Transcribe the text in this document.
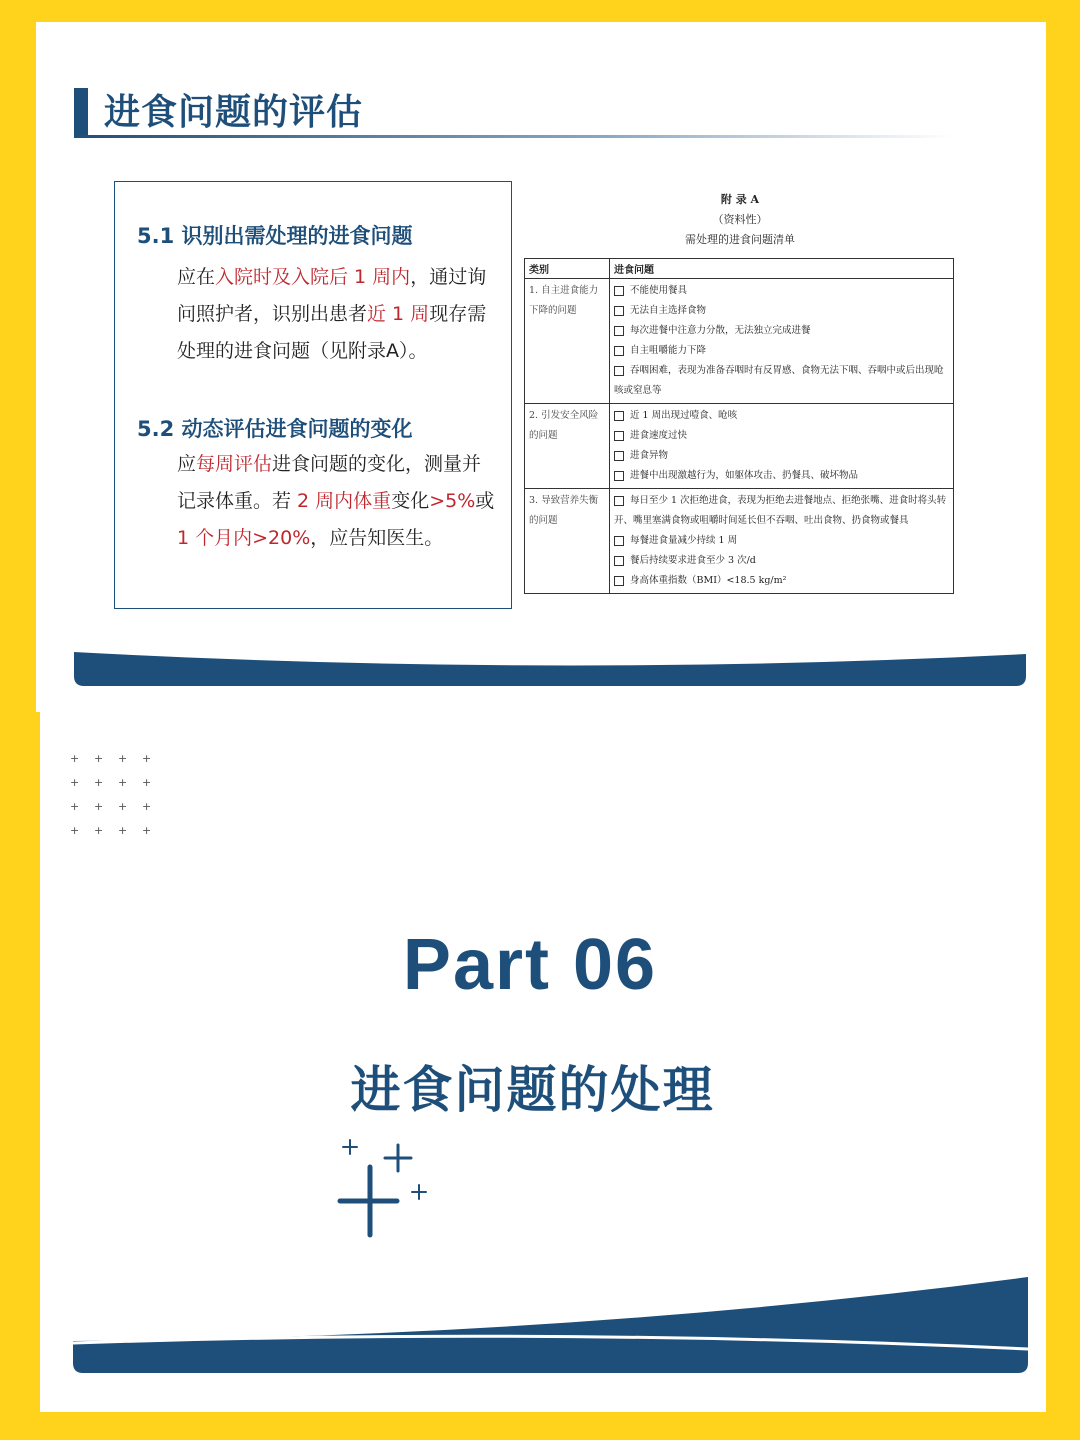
进食问题的评估
5.1 识别出需处理的进食问题
应在入院时及入院后 1 周内，通过询问照护者，识别出患者近 1 周现存需处理的进食问题（见附录A）。
5.2 动态评估进食问题的变化
应每周评估进食问题的变化，测量并记录体重。若 2 周内体重变化>5%或 1 个月内>20%，应告知医生。
附 录 A
（资料性）
需处理的进食问题清单
类别	进食问题
1. 自主进食能力下降的问题	不能使用餐具
无法自主选择食物
每次进餐中注意力分散，无法独立完成进餐
自主咀嚼能力下降
吞咽困难，表现为准备吞咽时有反胃感、食物无法下咽、吞咽中或后出现呛咳或窒息等

2. 引发安全风险的问题	近 1 周出现过噎食、呛咳
进食速度过快
进食异物
进餐中出现激越行为，如躯体攻击、扔餐具、破坏物品

3. 导致营养失衡的问题	每日至少 1 次拒绝进食，表现为拒绝去进餐地点、拒绝张嘴、进食时将头转开、嘴里塞满食物或咀嚼时间延长但不吞咽、吐出食物、扔食物或餐具
每餐进食量减少持续 1 周
餐后持续要求进食至少 3 次/d
身高体重指数（BMI）<18.5 kg/m²
+ + + +
+ + + +
+ + + +
+ + + +
Part 06
进食问题的处理
